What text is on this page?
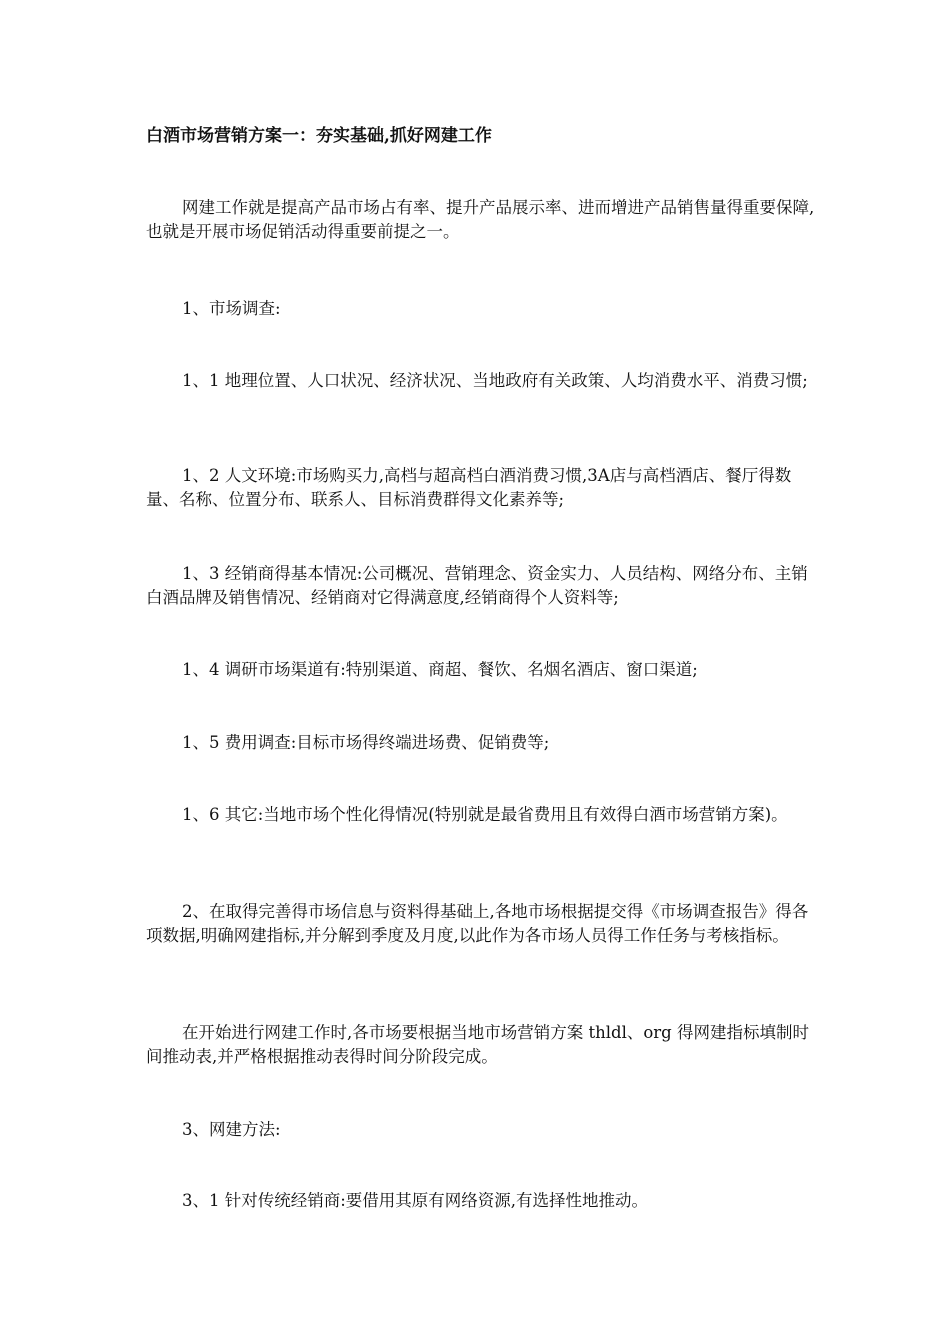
白酒市场营销方案一：夯实基础,抓好网建工作

网建工作就是提高产品市场占有率、提升产品展示率、进而增进产品销售量得重要保障,也就是开展市场促销活动得重要前提之一。

1、市场调查:

1、1 地理位置、人口状况、经济状况、当地政府有关政策、人均消费水平、消费习惯;

1、2 人文环境:市场购买力,高档与超高档白酒消费习惯,3A店与高档酒店、餐厅得数量、名称、位置分布、联系人、目标消费群得文化素养等;

1、3 经销商得基本情况:公司概况、营销理念、资金实力、人员结构、网络分布、主销白酒品牌及销售情况、经销商对它得满意度,经销商得个人资料等;

1、4 调研市场渠道有:特别渠道、商超、餐饮、名烟名酒店、窗口渠道;

1、5 费用调查:目标市场得终端进场费、促销费等;

1、6 其它:当地市场个性化得情况(特别就是最省费用且有效得白酒市场营销方案)。

2、在取得完善得市场信息与资料得基础上,各地市场根据提交得《市场调查报告》得各项数据,明确网建指标,并分解到季度及月度,以此作为各市场人员得工作任务与考核指标。

在开始进行网建工作时,各市场要根据当地市场营销方案 thldl、org 得网建指标填制时间推动表,并严格根据推动表得时间分阶段完成。

3、网建方法:

3、1 针对传统经销商:要借用其原有网络资源,有选择性地推动。
